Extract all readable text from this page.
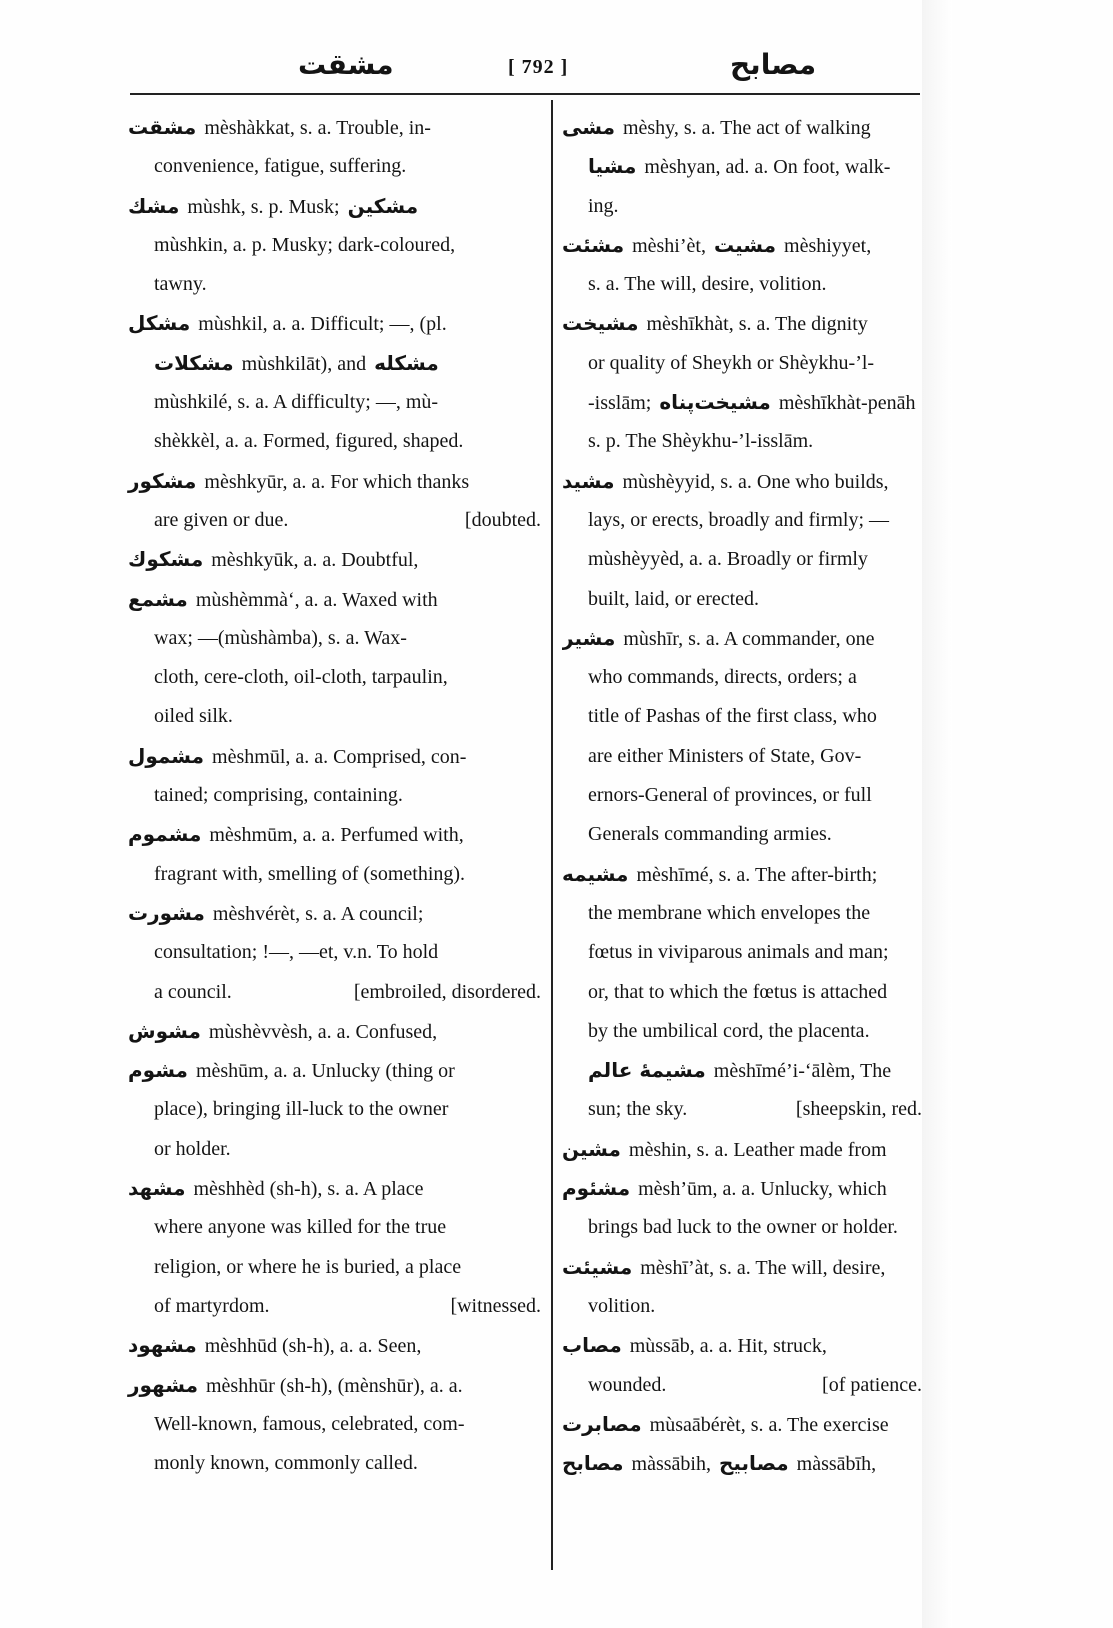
مشقت	[ 792 ]	مصابح
مشقت mèshàkkat, s. a. Trouble, in-
convenience, fatigue, suffering.
مشك mùshk, s. p. Musk; مشكين
mùshkin, a. p. Musky; dark-coloured,
tawny.
مشكل mùshkil, a. a. Difficult; —, (pl.
مشكلات mùshkilāt), and مشكله
mùshkilé, s. a. A difficulty; —, mù-
shèkkèl, a. a. Formed, figured, shaped.
مشكور mèshkyūr, a. a. For which thanks
are given or due.	[doubted.
مشكوك mèshkyūk, a. a. Doubtful,
مشمع mùshèmmà‘, a. a. Waxed with
wax; —(mùshàmba), s. a. Wax-
cloth, cere-cloth, oil-cloth, tarpaulin,
oiled silk.
مشمول mèshmūl, a. a. Comprised, con-
tained; comprising, containing.
مشموم mèshmūm, a. a. Perfumed with,
fragrant with, smelling of (something).
مشورت mèshvérèt, s. a. A council;
consultation; !—, —et, v.n. To hold
a council.	[embroiled, disordered.
مشوش mùshèvvèsh, a. a. Confused,
مشوم mèshūm, a. a. Unlucky (thing or
place), bringing ill-luck to the owner
or holder.
مشهد mèshhèd (sh-h), s. a. A place
where anyone was killed for the true
religion, or where he is buried, a place
of martyrdom.	[witnessed.
مشهود mèshhūd (sh-h), a. a. Seen,
مشهور mèshhūr (sh-h), (mènshūr), a. a.
Well-known, famous, celebrated, com-
monly known, commonly called.
مشی mèshy, s. a. The act of walking
مشیا mèshyan, ad. a. On foot, walk-
ing.
مشئت mèshi’èt, مشیت mèshiyyet,
s. a. The will, desire, volition.
مشیخت mèshīkhàt, s. a. The dignity
or quality of Sheykh or Shèykhu-’l-
-isslām; مشیخت‌پناه mèshīkhàt-penāh
s. p. The Shèykhu-’l-isslām.
مشید mùshèyyid, s. a. One who builds,
lays, or erects, broadly and firmly; —
mùshèyyèd, a. a. Broadly or firmly
built, laid, or erected.
مشیر mùshīr, s. a. A commander, one
who commands, directs, orders; a
title of Pashas of the first class, who
are either Ministers of State, Gov-
ernors-General of provinces, or full
Generals commanding armies.
مشیمه mèshīmé, s. a. The after-birth;
the membrane which envelopes the
fœtus in viviparous animals and man;
or, that to which the fœtus is attached
by the umbilical cord, the placenta.
مشیمهٔ عالم mèshīmé’i-‘ālèm, The
sun; the sky.	[sheepskin, red.
مشین mèshin, s. a. Leather made from
مشئوم mèsh’ūm, a. a. Unlucky, which
brings bad luck to the owner or holder.
مشیئت mèshī’àt, s. a. The will, desire,
volition.
مصاب mùssāb, a. a. Hit, struck,
wounded.	[of patience.
مصابرت mùsaābérèt, s. a. The exercise
مصابح màssābih, مصابیح màssābīh,
